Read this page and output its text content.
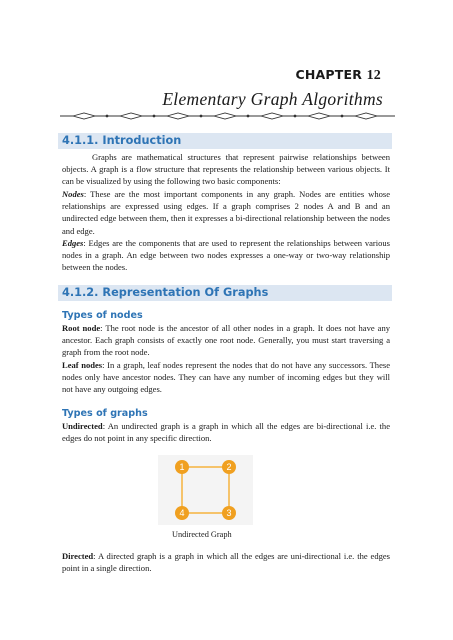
CHAPTER 12
Elementary Graph Algorithms
4.1.1. Introduction
Graphs are mathematical structures that represent pairwise relationships between objects. A graph is a flow structure that represents the relationship between various objects. It can be visualized by using the following two basic components:
Nodes: These are the most important components in any graph. Nodes are entities whose relationships are expressed using edges. If a graph comprises 2 nodes A and B and an undirected edge between them, then it expresses a bi-directional relationship between the nodes and edge.
Edges: Edges are the components that are used to represent the relationships between various nodes in a graph. An edge between two nodes expresses a one-way or two-way relationship between the nodes.
4.1.2. Representation Of Graphs
Types of nodes
Root node: The root node is the ancestor of all other nodes in a graph. It does not have any ancestor. Each graph consists of exactly one root node. Generally, you must start traversing a graph from the root node.
Leaf nodes: In a graph, leaf nodes represent the nodes that do not have any successors. These nodes only have ancestor nodes. They can have any number of incoming edges but they will not have any outgoing edges.
Types of graphs
Undirected: An undirected graph is a graph in which all the edges are bi-directional i.e. the edges do not point in any specific direction.
1	2
3
4
Undirected Graph
Directed: A directed graph is a graph in which all the edges are uni-directional i.e. the edges point in a single direction.
